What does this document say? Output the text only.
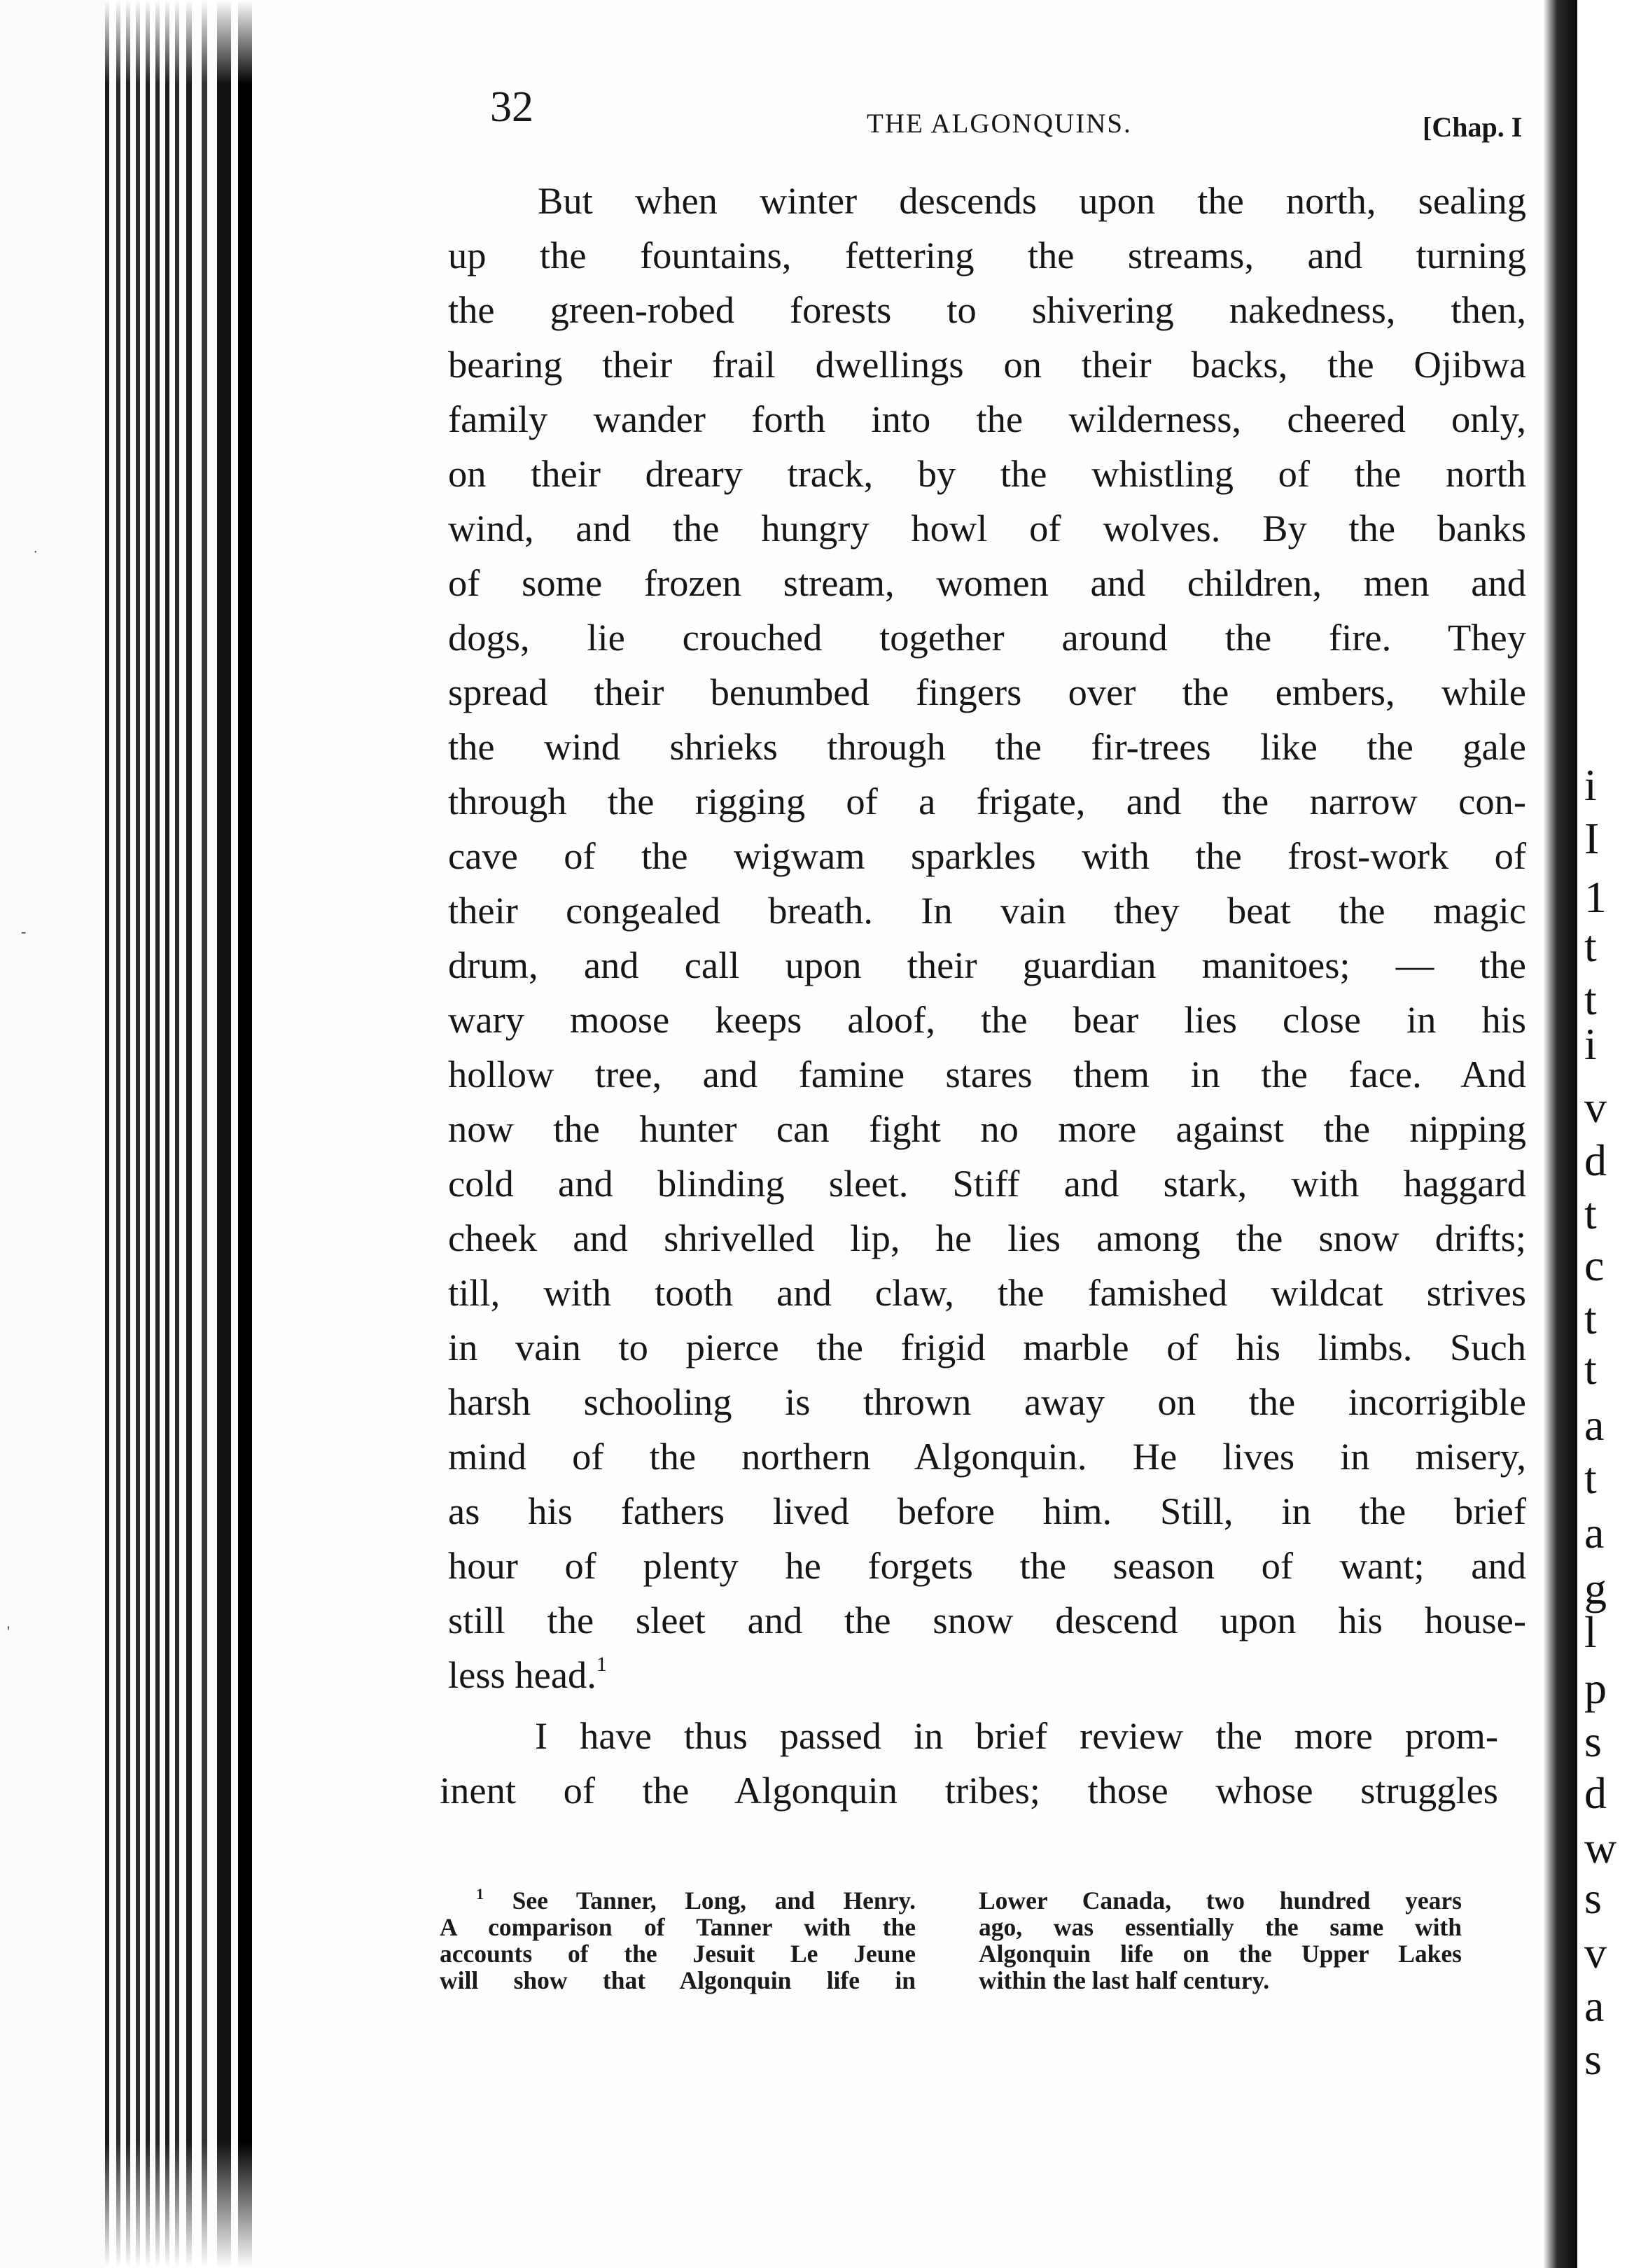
˙
-
'
32	THE ALGONQUINS.	[Chap. I
But when winter descends upon the north, sealing
up the fountains, fettering the streams, and turning
the green-robed forests to shivering nakedness, then,
bearing their frail dwellings on their backs, the Ojibwa
family wander forth into the wilderness, cheered only,
on their dreary track, by the whistling of the north
wind, and the hungry howl of wolves. By the banks
of some frozen stream, women and children, men and
dogs, lie crouched together around the fire. They
spread their benumbed fingers over the embers, while
the wind shrieks through the fir-trees like the gale
through the rigging of a frigate, and the narrow con-
cave of the wigwam sparkles with the frost-work of
their congealed breath. In vain they beat the magic
drum, and call upon their guardian manitoes; — the
wary moose keeps aloof, the bear lies close in his
hollow tree, and famine stares them in the face. And
now the hunter can fight no more against the nipping
cold and blinding sleet. Stiff and stark, with haggard
cheek and shrivelled lip, he lies among the snow drifts;
till, with tooth and claw, the famished wildcat strives
in vain to pierce the frigid marble of his limbs. Such
harsh schooling is thrown away on the incorrigible
mind of the northern Algonquin. He lives in misery,
as his fathers lived before him. Still, in the brief
hour of plenty he forgets the season of want; and
still the sleet and the snow descend upon his house-
less head.$^1$
I have thus passed in brief review the more prom-
inent of the Algonquin tribes; those whose struggles
$^1$ See Tanner, Long, and Henry.
A comparison of Tanner with the
accounts of the Jesuit Le Jeune
will show that Algonquin life in
Lower Canada, two hundred years
ago, was essentially the same with
Algonquin life on the Upper Lakes
within the last half century.
i
I
1
t
t
i
v
d
t
c
t
t
a
t
a
g
l
p
s
d
w
s
v
a
s
